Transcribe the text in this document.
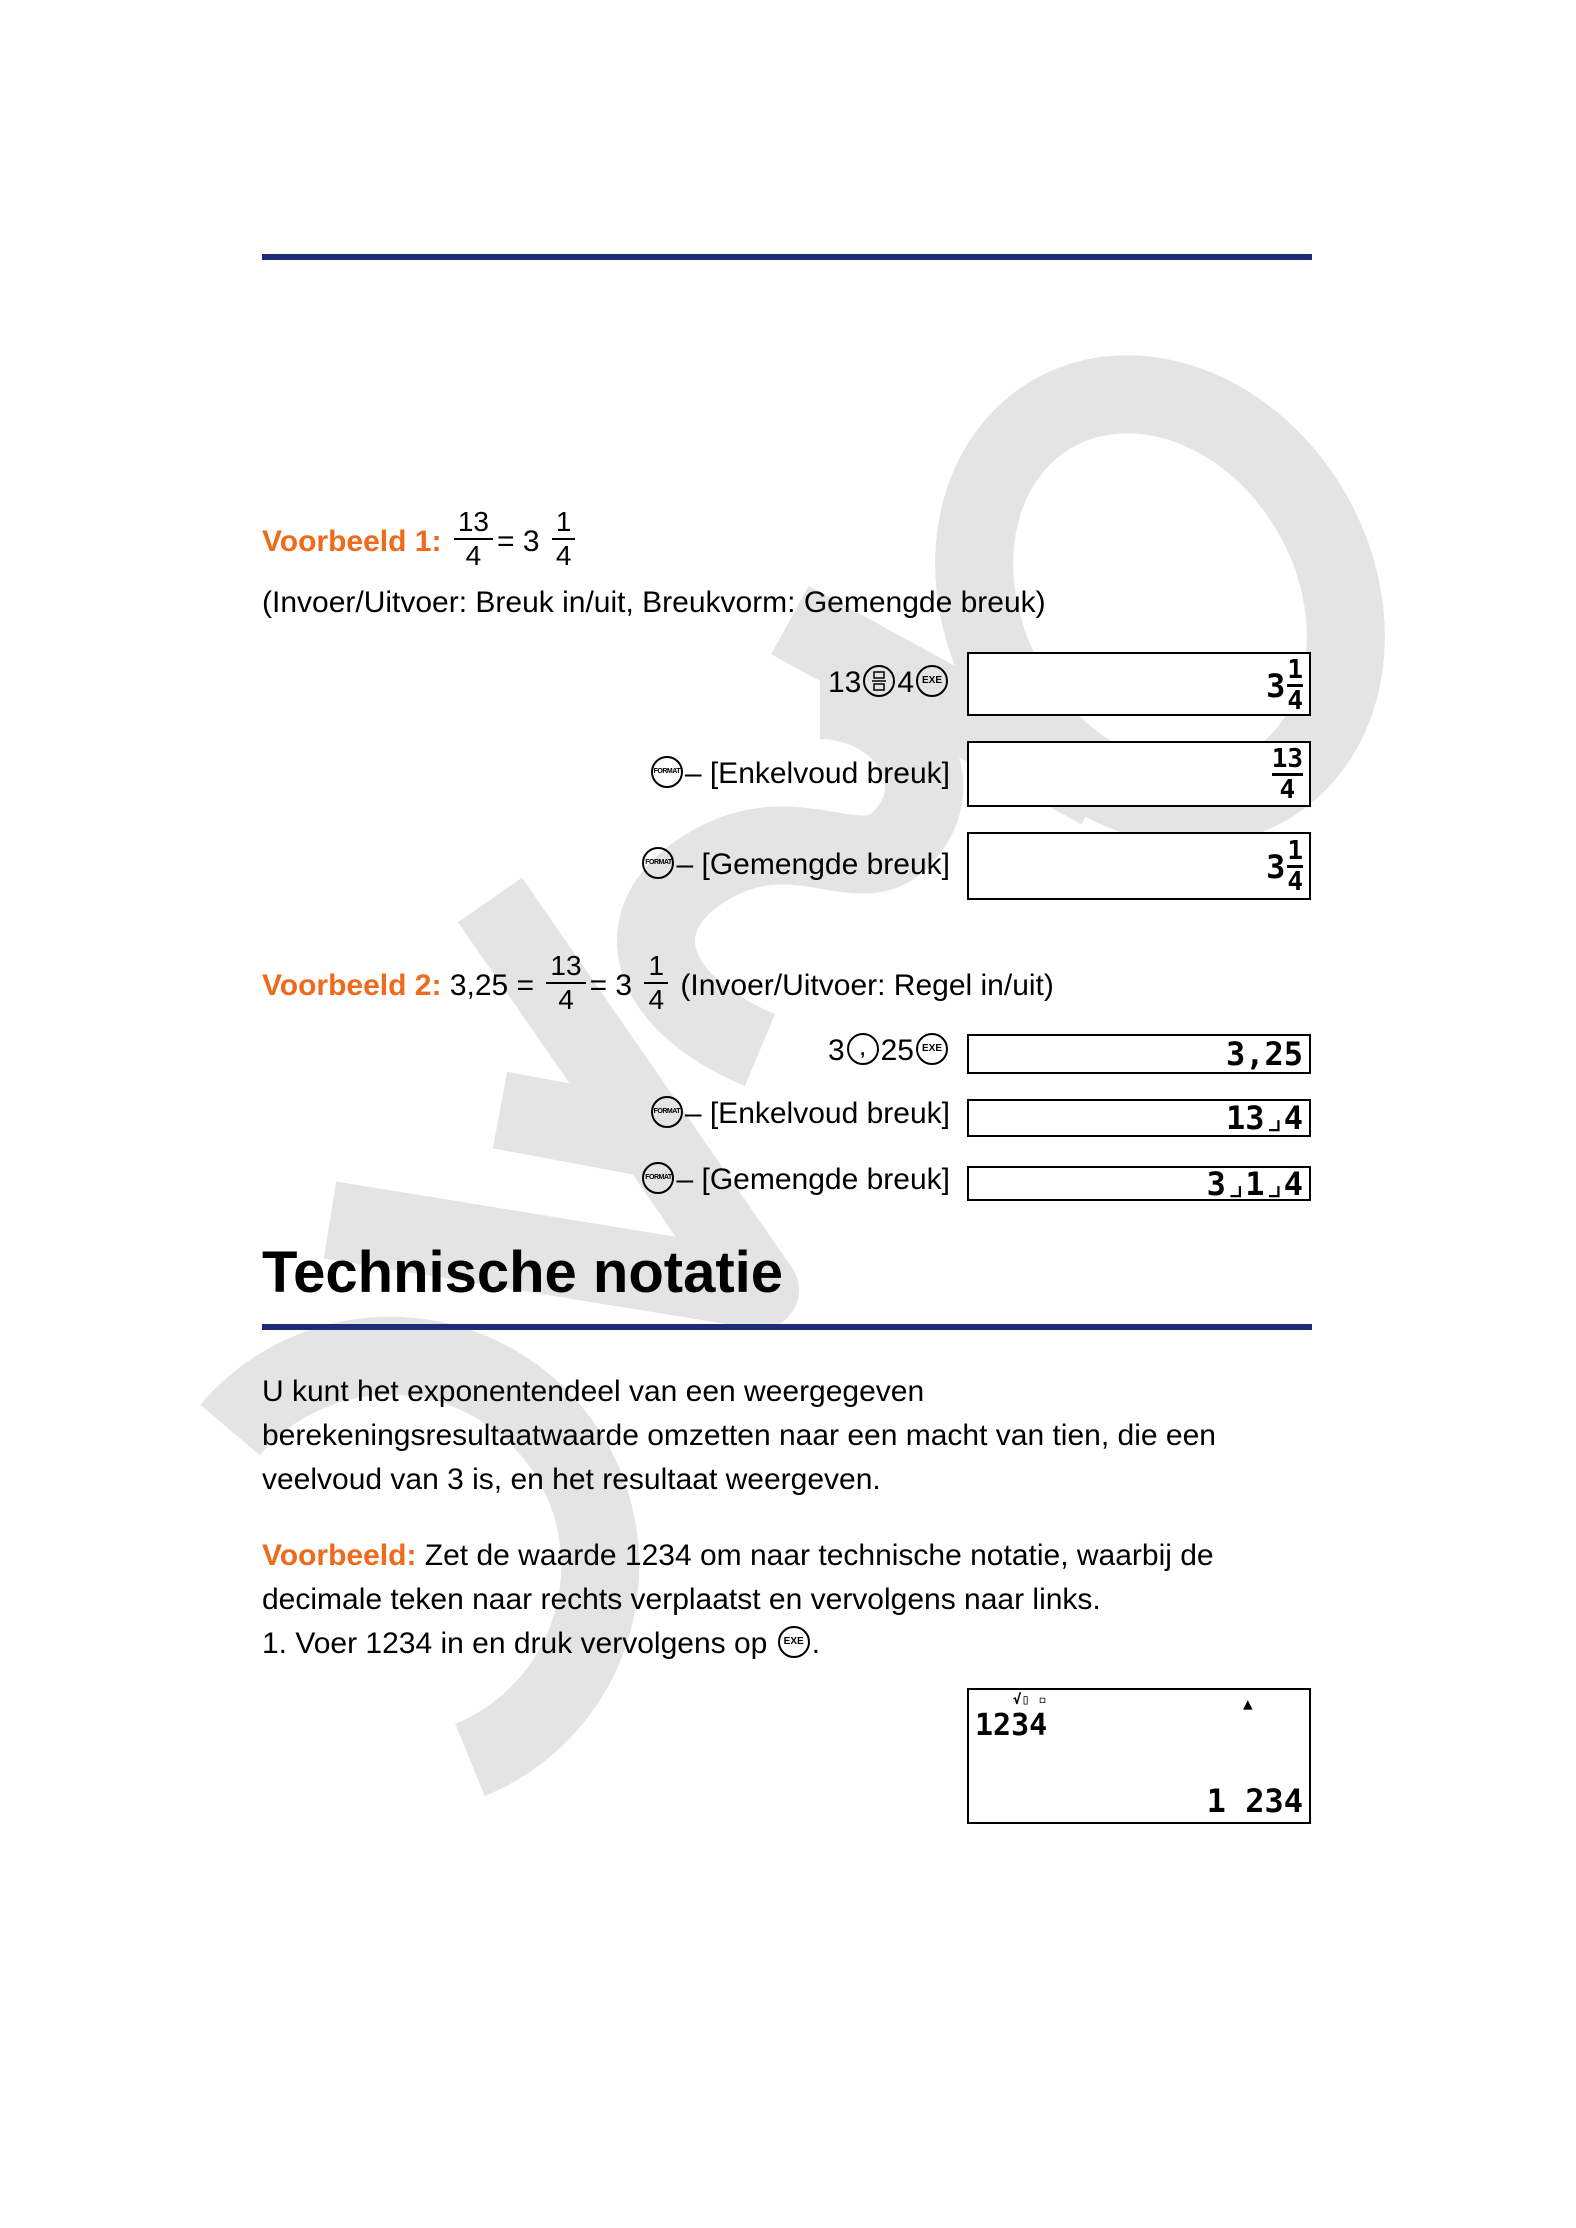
Voorbeeld 1: $\frac{13}{4} = 3 \frac{1}{4}$
(Invoer/Uitvoer: Breuk in/uit, Breukvorm: Gemengde breuk)
13 4 EXE	3 1
4
FORMAT – [Enkelvoud breuk]	13
4
FORMAT – [Gemengde breuk]	3 1
4
Voorbeeld 2: $3,25 = \frac{13}{4} = 3 \frac{1}{4}$ (Invoer/Uitvoer: Regel in/uit)
3 , 25 EXE	3,25
FORMAT – [Enkelvoud breuk]	13⌟4
FORMAT – [Gemengde breuk]	3⌟1⌟4
Technische notatie
U kunt het exponentendeel van een weergegeven
berekeningsresultaatwaarde omzetten naar een macht van tien, die een
veelvoud van 3 is, en het resultaat weergeven.
Voorbeeld: Zet de waarde 1234 om naar technische notatie, waarbij de
decimale teken naar rechts verplaatst en vervolgens naar links.
1. Voer 1234 in en druk vervolgens op EXE .
1234
√▯ ▫	▲
1 234
